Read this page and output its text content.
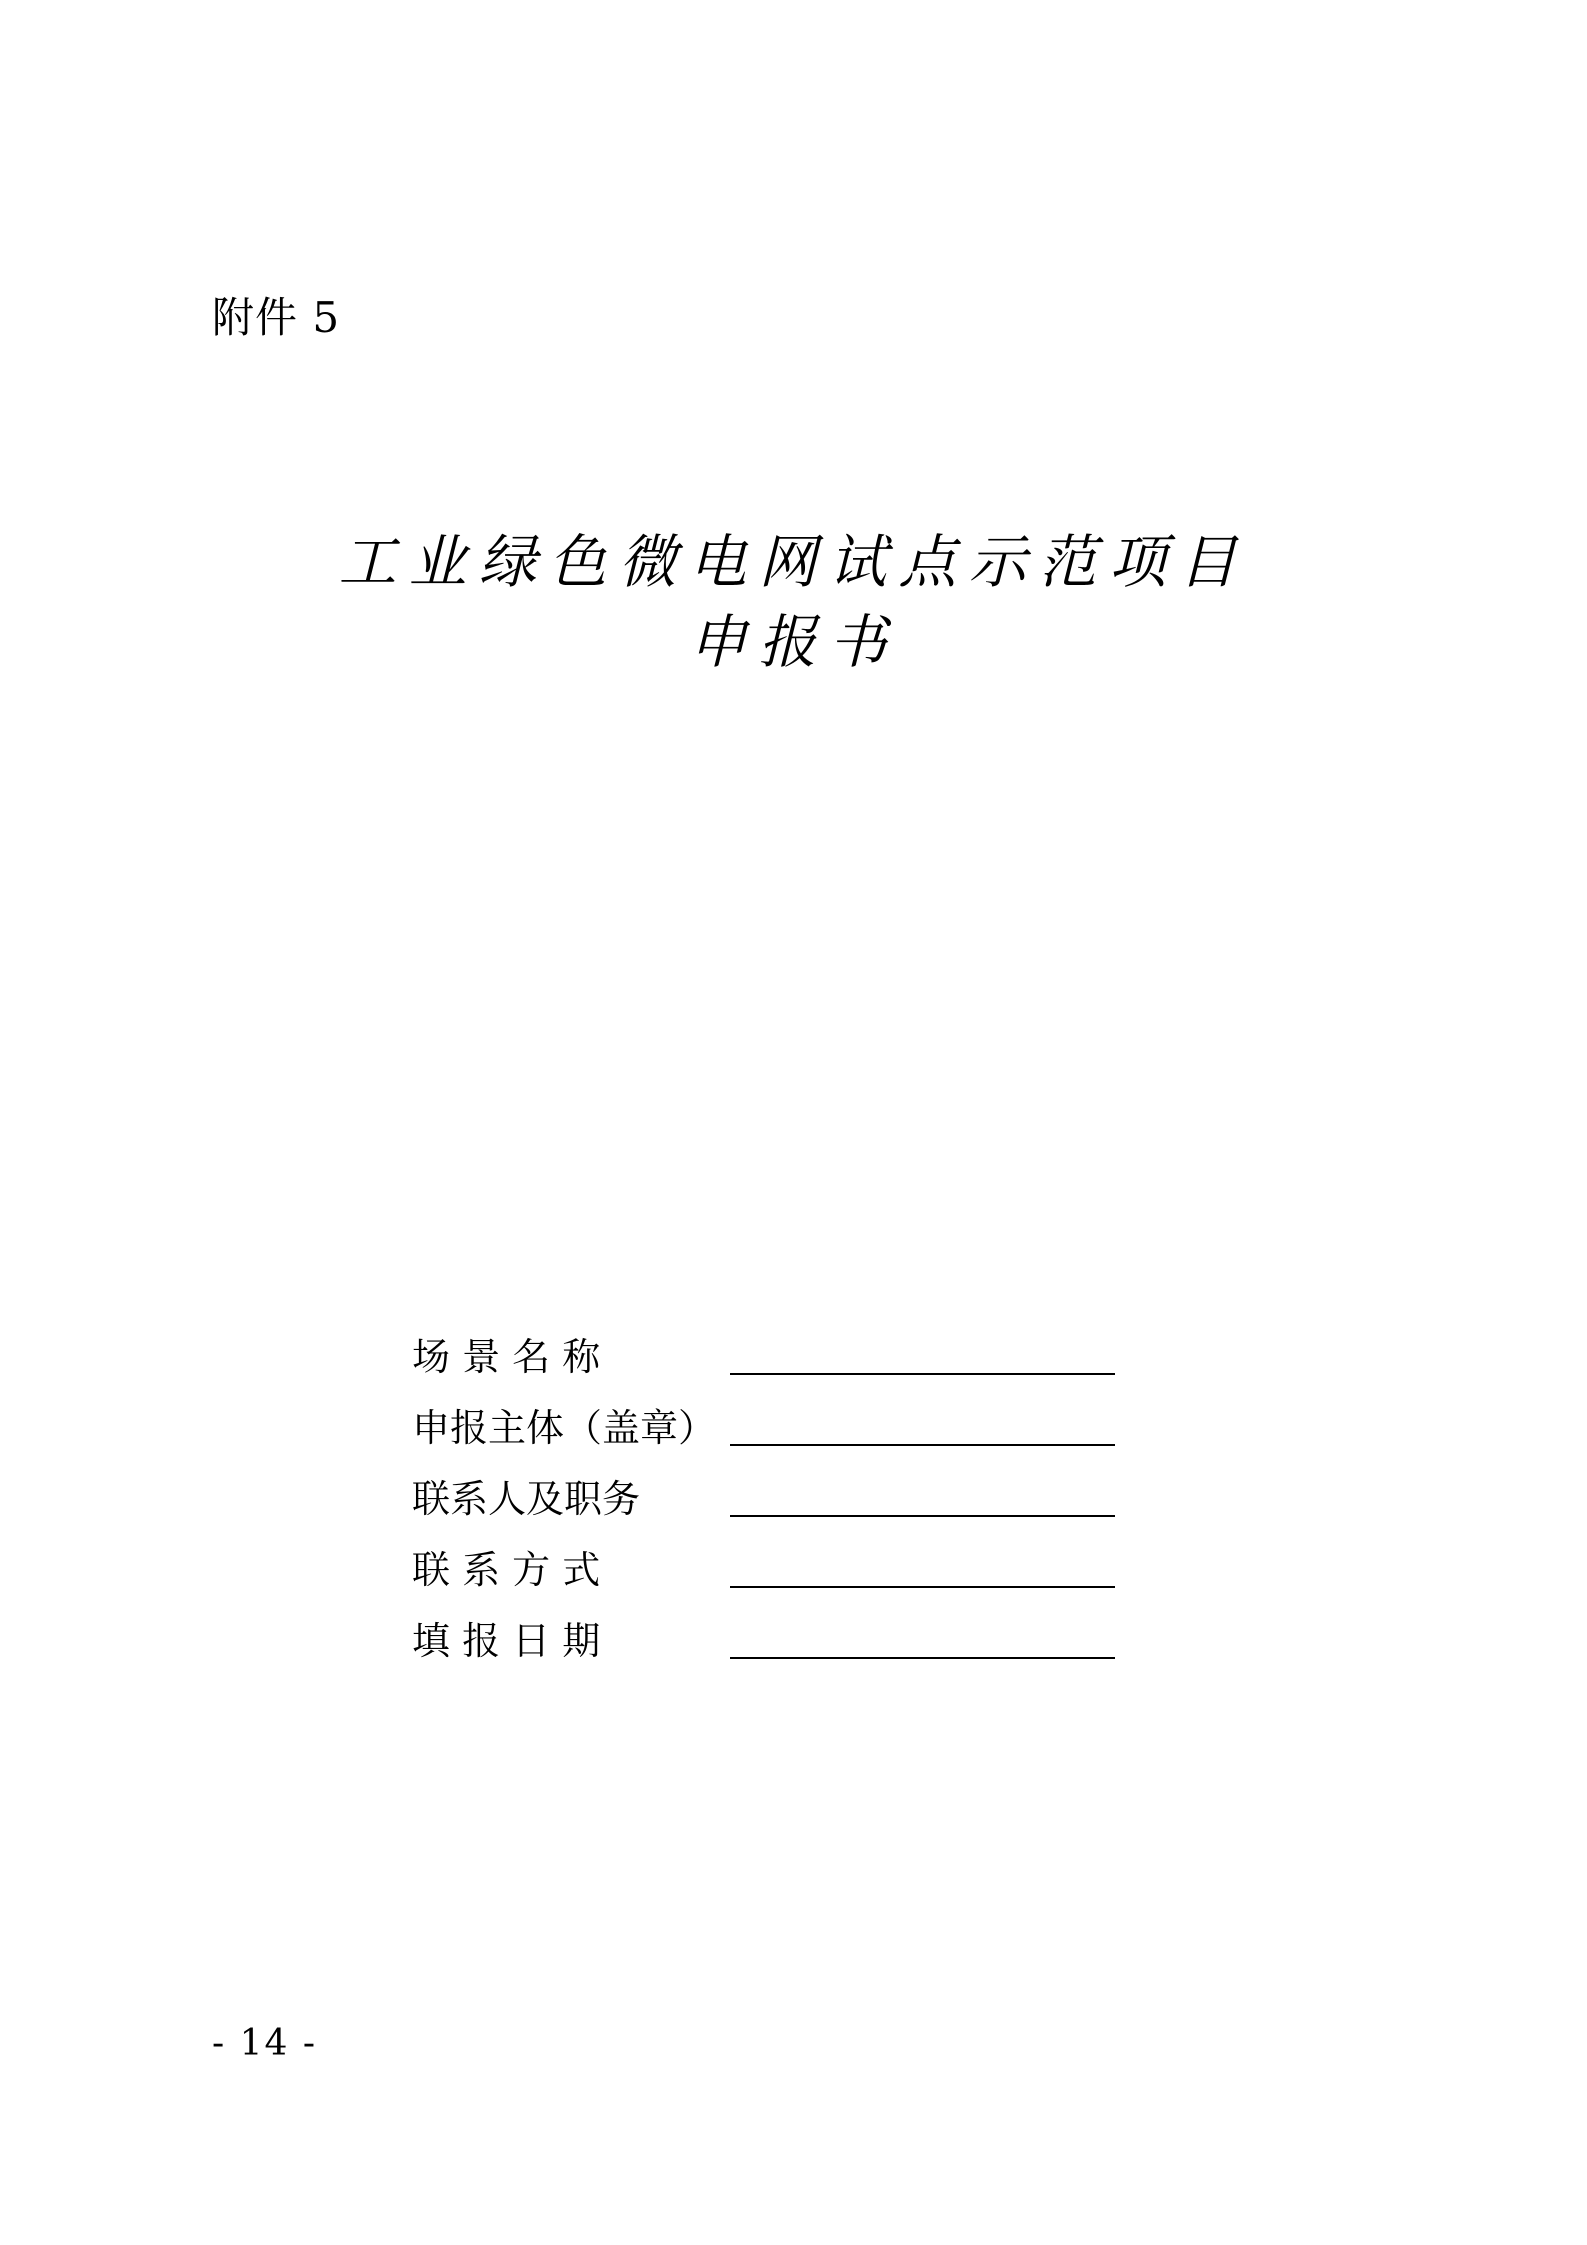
附件 5
工业绿色微电网试点示范项目
申报书
场 景 名 称
申报主体（盖章）
联系人及职务
联 系 方 式
填 报 日 期
- 14 -
